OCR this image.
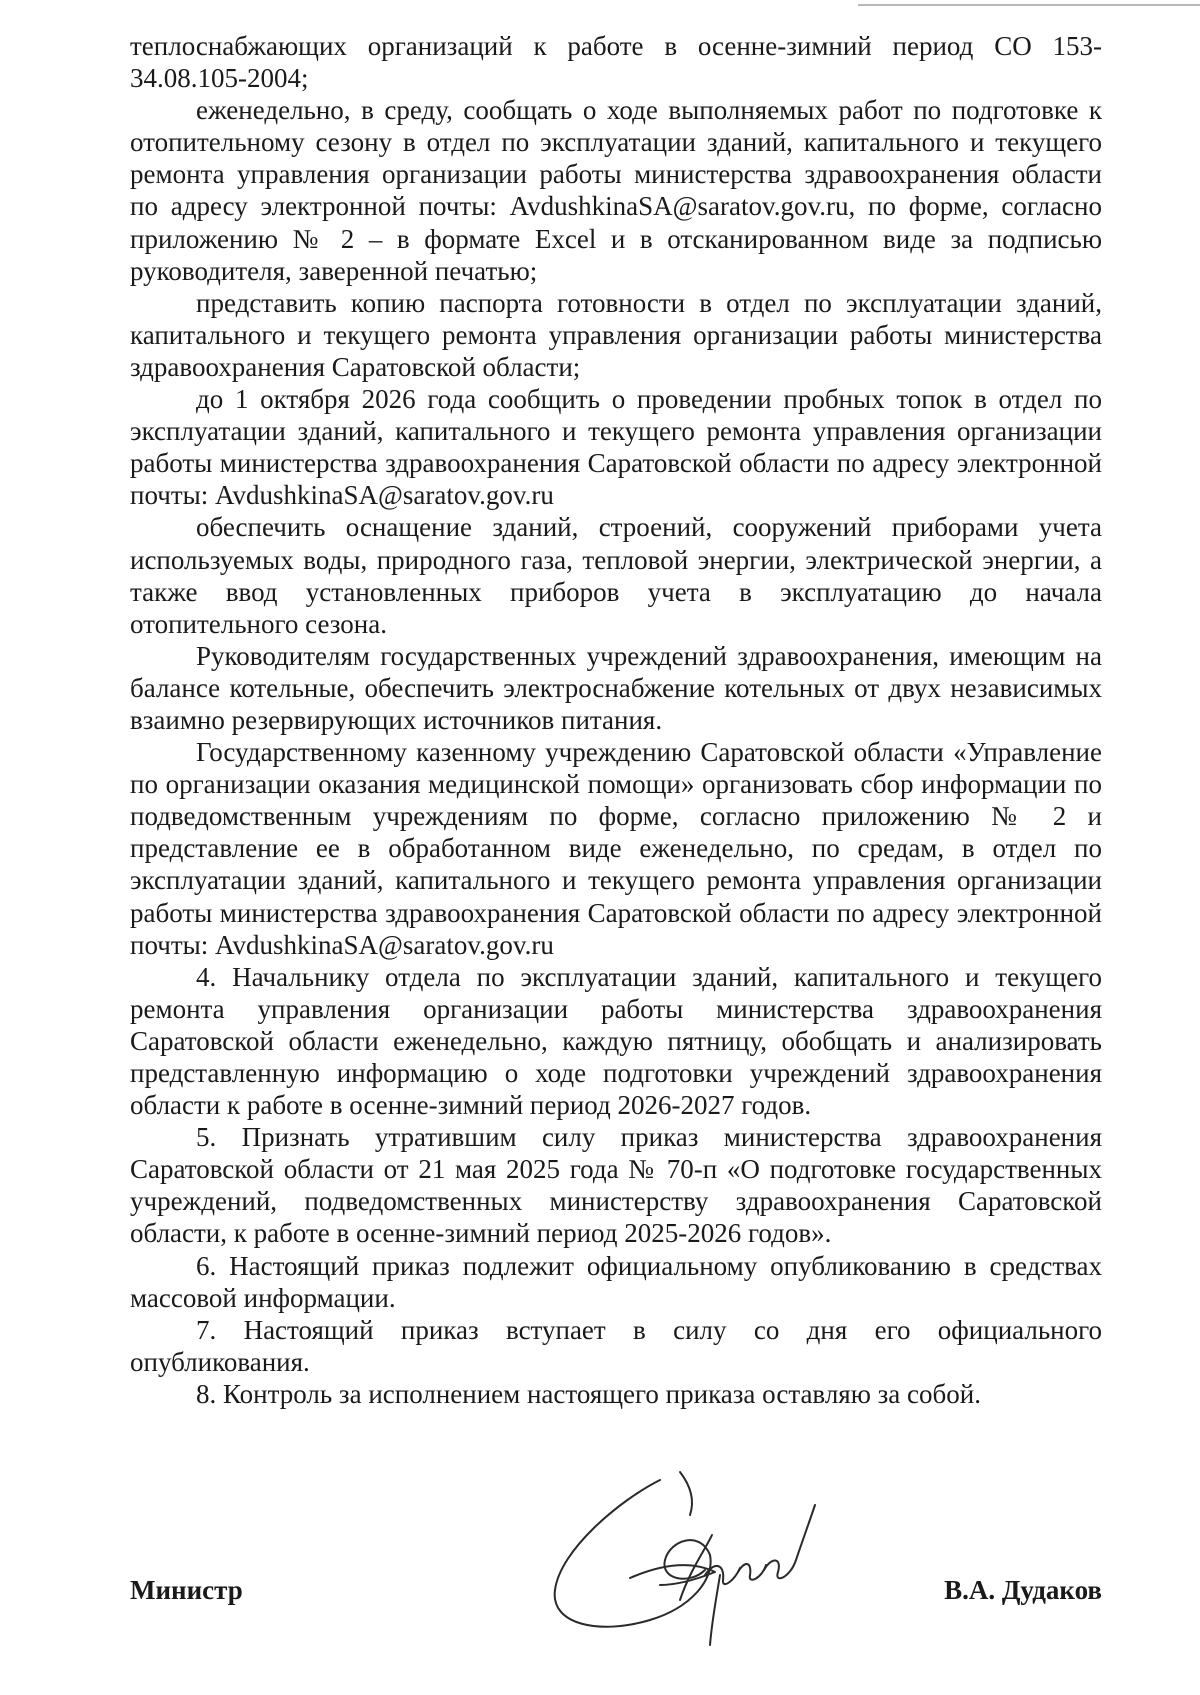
теплоснабжающих организаций к работе в осенне-зимний период СО 153-34.08.105-2004;

еженедельно, в среду, сообщать о ходе выполняемых работ по подготовке к отопительному сезону в отдел по эксплуатации зданий, капитального и текущего ремонта управления организации работы министерства здравоохранения области по адресу электронной почты: AvdushkinaSA@saratov.gov.ru, по форме, согласно приложению № 2 – в формате Excel и в отсканированном виде за подписью руководителя, заверенной печатью;

представить копию паспорта готовности в отдел по эксплуатации зданий, капитального и текущего ремонта управления организации работы министерства здравоохранения Саратовской области;

до 1 октября 2026 года сообщить о проведении пробных топок в отдел по эксплуатации зданий, капитального и текущего ремонта управления организации работы министерства здравоохранения Саратовской области по адресу электронной почты: AvdushkinaSA@saratov.gov.ru

обеспечить оснащение зданий, строений, сооружений приборами учета используемых воды, природного газа, тепловой энергии, электрической энергии, а также ввод установленных приборов учета в эксплуатацию до начала отопительного сезона.

Руководителям государственных учреждений здравоохранения, имеющим на балансе котельные, обеспечить электроснабжение котельных от двух независимых взаимно резервирующих источников питания.

Государственному казенному учреждению Саратовской области «Управление по организации оказания медицинской помощи» организовать сбор информации по подведомственным учреждениям по форме, согласно приложению № 2 и представление ее в обработанном виде еженедельно, по средам, в отдел по эксплуатации зданий, капитального и текущего ремонта управления организации работы министерства здравоохранения Саратовской области по адресу электронной почты: AvdushkinaSA@saratov.gov.ru

4. Начальнику отдела по эксплуатации зданий, капитального и текущего ремонта управления организации работы министерства здравоохранения Саратовской области еженедельно, каждую пятницу, обобщать и анализировать представленную информацию о ходе подготовки учреждений здравоохранения области к работе в осенне-зимний период 2026-2027 годов.

5. Признать утратившим силу приказ министерства здравоохранения Саратовской области от 21 мая 2025 года № 70-п «О подготовке государственных учреждений, подведомственных министерству здравоохранения Саратовской области, к работе в осенне-зимний период 2025-2026 годов».

6. Настоящий приказ подлежит официальному опубликованию в средствах массовой информации.

7. Настоящий приказ вступает в силу со дня его официального опубликования.

8. Контроль за исполнением настоящего приказа оставляю за собой.

Министр	В.А. Дудаков
